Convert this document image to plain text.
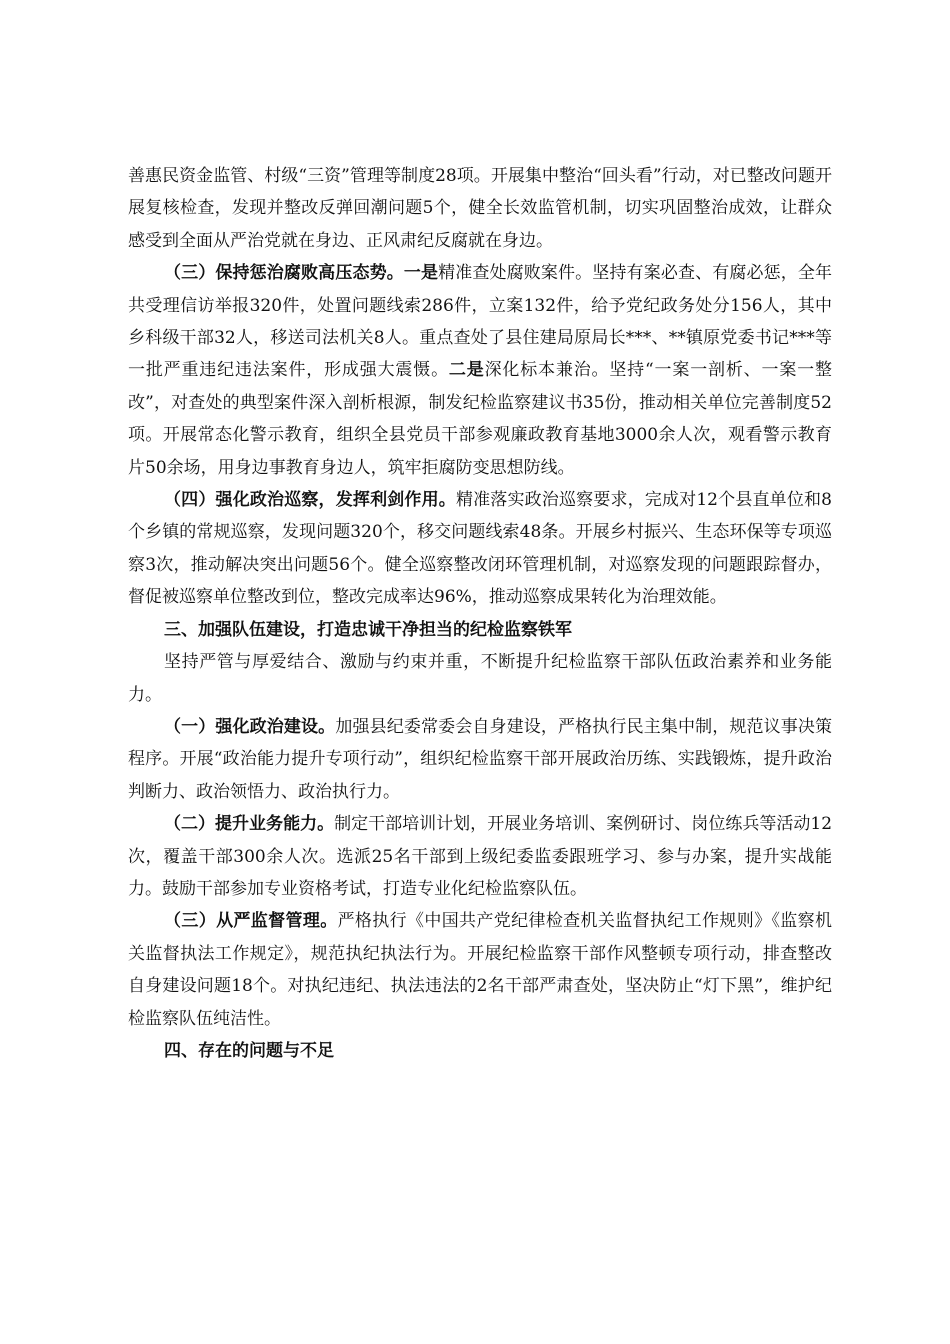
善惠民资金监管、村级“三资”管理等制度28项。开展集中整治“回头看”行动，对已整改问题开展复核检查，发现并整改反弹回潮问题5个，健全长效监管机制，切实巩固整治成效，让群众感受到全面从严治党就在身边、正风肃纪反腐就在身边。

（三）保持惩治腐败高压态势。一是精准查处腐败案件。坚持有案必查、有腐必惩，全年共受理信访举报320件，处置问题线索286件，立案132件，给予党纪政务处分156人，其中乡科级干部32人，移送司法机关8人。重点查处了县住建局原局长***、**镇原党委书记***等一批严重违纪违法案件，形成强大震慑。二是深化标本兼治。坚持“一案一剖析、一案一整改”，对查处的典型案件深入剖析根源，制发纪检监察建议书35份，推动相关单位完善制度52项。开展常态化警示教育，组织全县党员干部参观廉政教育基地3000余人次，观看警示教育片50余场，用身边事教育身边人，筑牢拒腐防变思想防线。

（四）强化政治巡察，发挥利剑作用。精准落实政治巡察要求，完成对12个县直单位和8个乡镇的常规巡察，发现问题320个，移交问题线索48条。开展乡村振兴、生态环保等专项巡察3次，推动解决突出问题56个。健全巡察整改闭环管理机制，对巡察发现的问题跟踪督办，督促被巡察单位整改到位，整改完成率达96%，推动巡察成果转化为治理效能。

三、加强队伍建设，打造忠诚干净担当的纪检监察铁军

坚持严管与厚爱结合、激励与约束并重，不断提升纪检监察干部队伍政治素养和业务能力。

（一）强化政治建设。加强县纪委常委会自身建设，严格执行民主集中制，规范议事决策程序。开展“政治能力提升专项行动”，组织纪检监察干部开展政治历练、实践锻炼，提升政治判断力、政治领悟力、政治执行力。

（二）提升业务能力。制定干部培训计划，开展业务培训、案例研讨、岗位练兵等活动12次，覆盖干部300余人次。选派25名干部到上级纪委监委跟班学习、参与办案，提升实战能力。鼓励干部参加专业资格考试，打造专业化纪检监察队伍。

（三）从严监督管理。严格执行《中国共产党纪律检查机关监督执纪工作规则》《监察机关监督执法工作规定》，规范执纪执法行为。开展纪检监察干部作风整顿专项行动，排查整改自身建设问题18个。对执纪违纪、执法违法的2名干部严肃查处，坚决防止“灯下黑”，维护纪检监察队伍纯洁性。

四、存在的问题与不足
